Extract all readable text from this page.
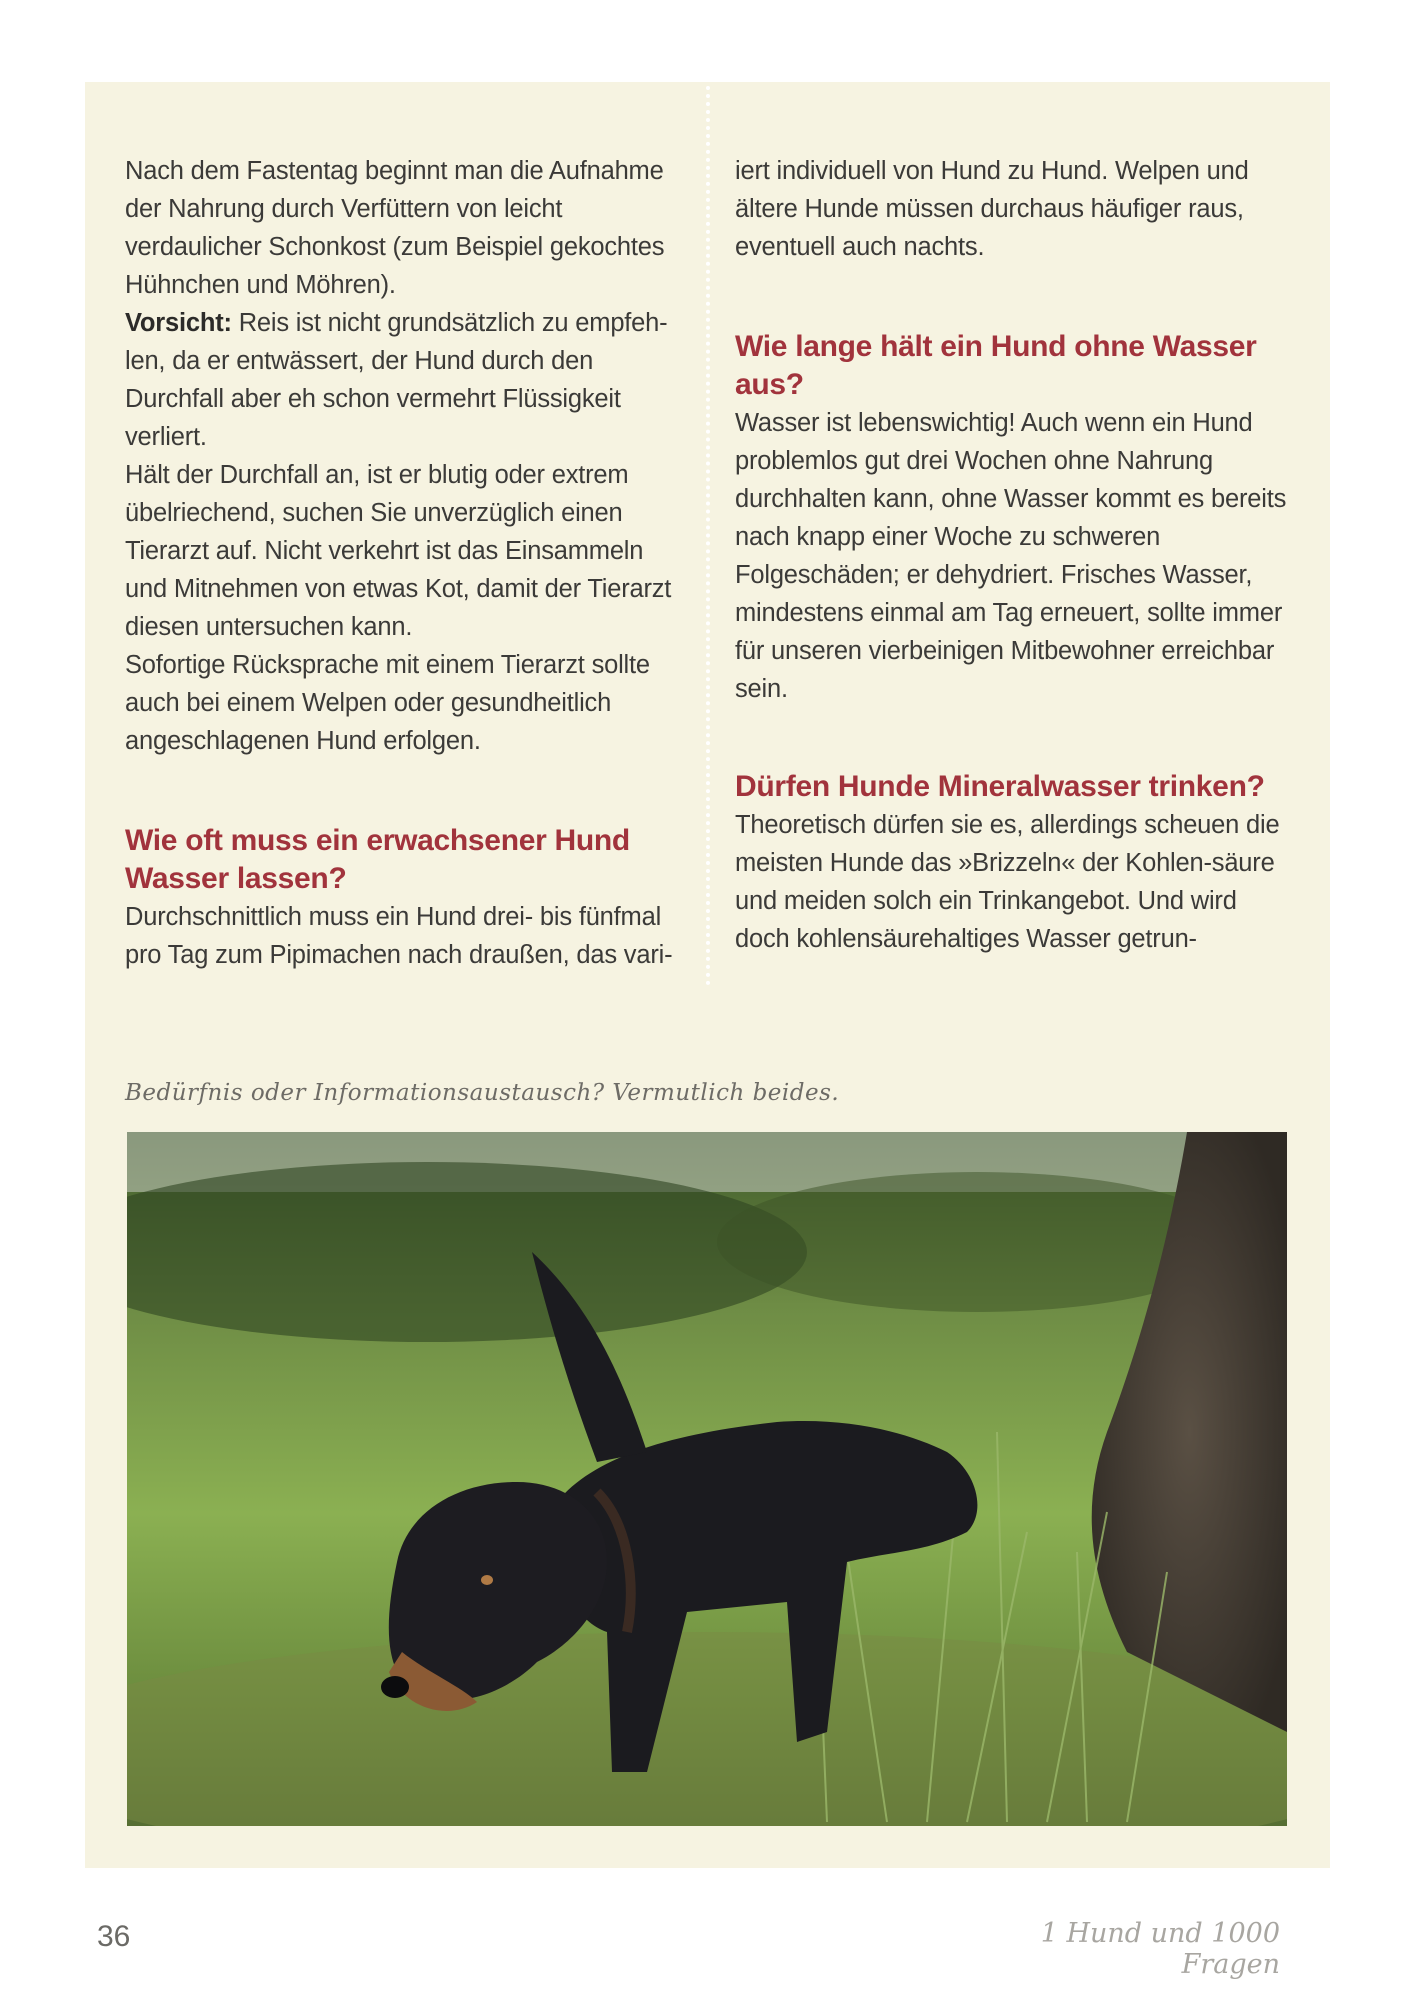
Nach dem Fastentag beginnt man die Aufnahme der Nahrung durch Verfüttern von leicht verdaulicher Schonkost (zum Beispiel gekochtes Hühnchen und Möhren).

Vorsicht: Reis ist nicht grundsätzlich zu empfeh-len, da er entwässert, der Hund durch den Durchfall aber eh schon vermehrt Flüssigkeit verliert.

Hält der Durchfall an, ist er blutig oder extrem übelriechend, suchen Sie unverzüglich einen Tierarzt auf. Nicht verkehrt ist das Einsammeln und Mitnehmen von etwas Kot, damit der Tierarzt diesen untersuchen kann.

Sofortige Rücksprache mit einem Tierarzt sollte auch bei einem Welpen oder gesundheitlich angeschlagenen Hund erfolgen.

Wie oft muss ein erwachsener Hund Wasser lassen?

Durchschnittlich muss ein Hund drei- bis fünfmal pro Tag zum Pipimachen nach draußen, das vari-

iert individuell von Hund zu Hund. Welpen und ältere Hunde müssen durchaus häufiger raus, eventuell auch nachts.

Wie lange hält ein Hund ohne Wasser aus?

Wasser ist lebenswichtig! Auch wenn ein Hund problemlos gut drei Wochen ohne Nahrung durchhalten kann, ohne Wasser kommt es bereits nach knapp einer Woche zu schweren Folgeschäden; er dehydriert. Frisches Wasser, mindestens einmal am Tag erneuert, sollte immer für unseren vierbeinigen Mitbewohner erreichbar sein.

Dürfen Hunde Mineralwasser trinken?

Theoretisch dürfen sie es, allerdings scheuen die meisten Hunde das »Brizzeln« der Kohlen-säure und meiden solch ein Trinkangebot. Und wird doch kohlensäurehaltiges Wasser getrun-

Bedürfnis oder Informationsaustausch? Vermutlich beides.
36	1 Hund und 1000 Fragen
